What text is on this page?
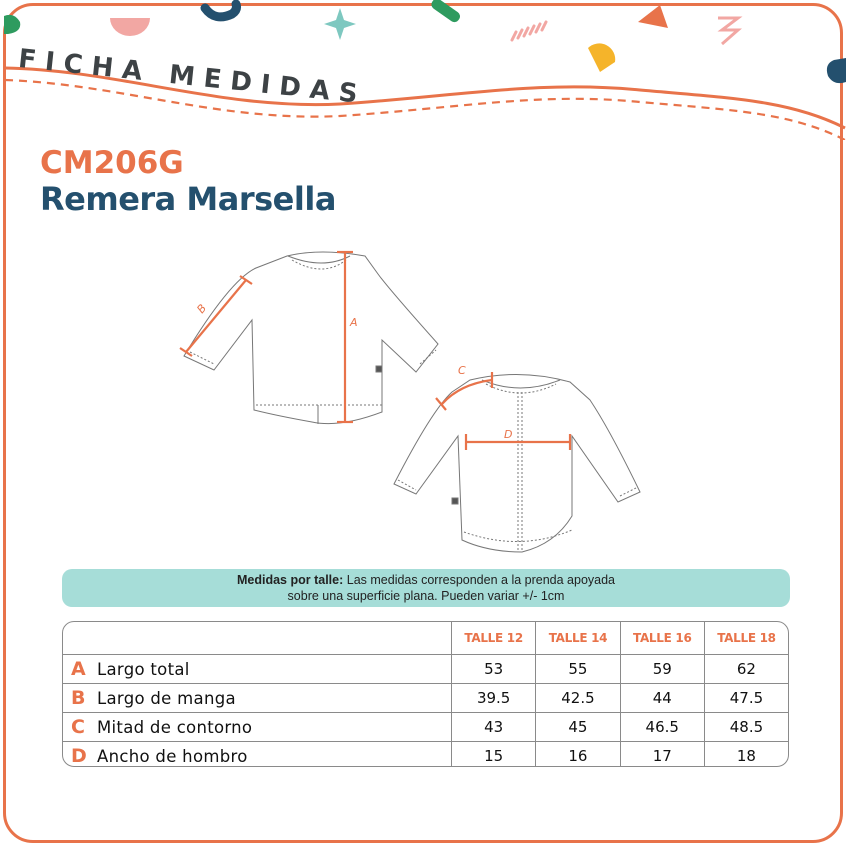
FICHA MEDIDAS
CM206G
Remera Marsella
A
B
C
D
Medidas por talle: Las medidas corresponden a la prenda apoyada
sobre una superficie plana. Pueden variar +/- 1cm
	TALLE 12	TALLE 14	TALLE 16	TALLE 18
A Largo total	53	55	59	62
B Largo de manga	39.5	42.5	44	47.5
C Mitad de contorno	43	45	46.5	48.5
D Ancho de hombro	15	16	17	18
